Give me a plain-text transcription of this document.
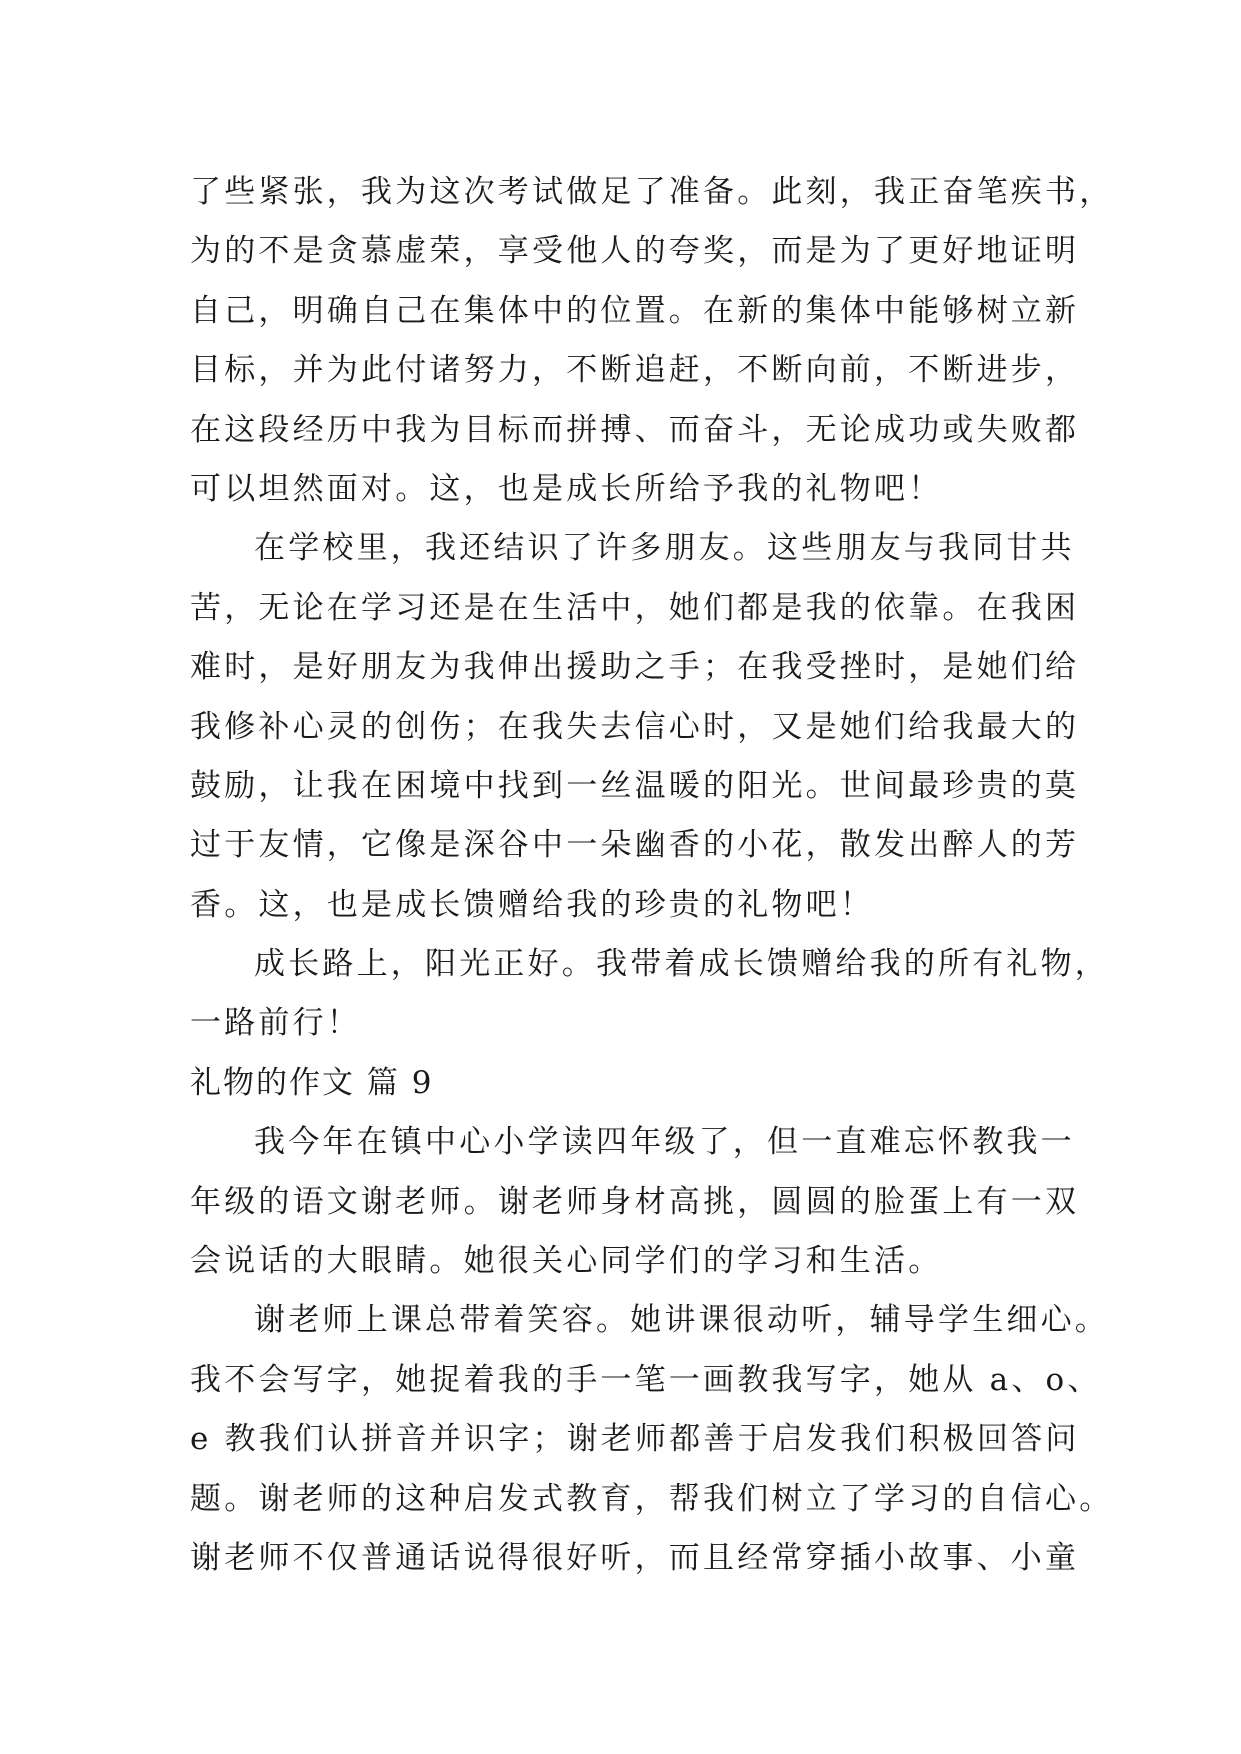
了些紧张，我为这次考试做足了准备。此刻，我正奋笔疾书，
为的不是贪慕虚荣，享受他人的夸奖，而是为了更好地证明
自己，明确自己在集体中的位置。在新的集体中能够树立新
目标，并为此付诸努力，不断追赶，不断向前，不断进步，
在这段经历中我为目标而拼搏、而奋斗，无论成功或失败都
可以坦然面对。这，也是成长所给予我的礼物吧！
在学校里，我还结识了许多朋友。这些朋友与我同甘共
苦，无论在学习还是在生活中，她们都是我的依靠。在我困
难时，是好朋友为我伸出援助之手；在我受挫时，是她们给
我修补心灵的创伤；在我失去信心时，又是她们给我最大的
鼓励，让我在困境中找到一丝温暖的阳光。世间最珍贵的莫
过于友情，它像是深谷中一朵幽香的小花，散发出醉人的芳
香。这，也是成长馈赠给我的珍贵的礼物吧！
成长路上，阳光正好。我带着成长馈赠给我的所有礼物，
一路前行！
礼物的作文 篇 9
我今年在镇中心小学读四年级了，但一直难忘怀教我一
年级的语文谢老师。谢老师身材高挑，圆圆的脸蛋上有一双
会说话的大眼睛。她很关心同学们的学习和生活。
谢老师上课总带着笑容。她讲课很动听，辅导学生细心。
我不会写字，她捉着我的手一笔一画教我写字，她从 a、o、
e 教我们认拼音并识字；谢老师都善于启发我们积极回答问
题。谢老师的这种启发式教育，帮我们树立了学习的自信心。
谢老师不仅普通话说得很好听，而且经常穿插小故事、小童
